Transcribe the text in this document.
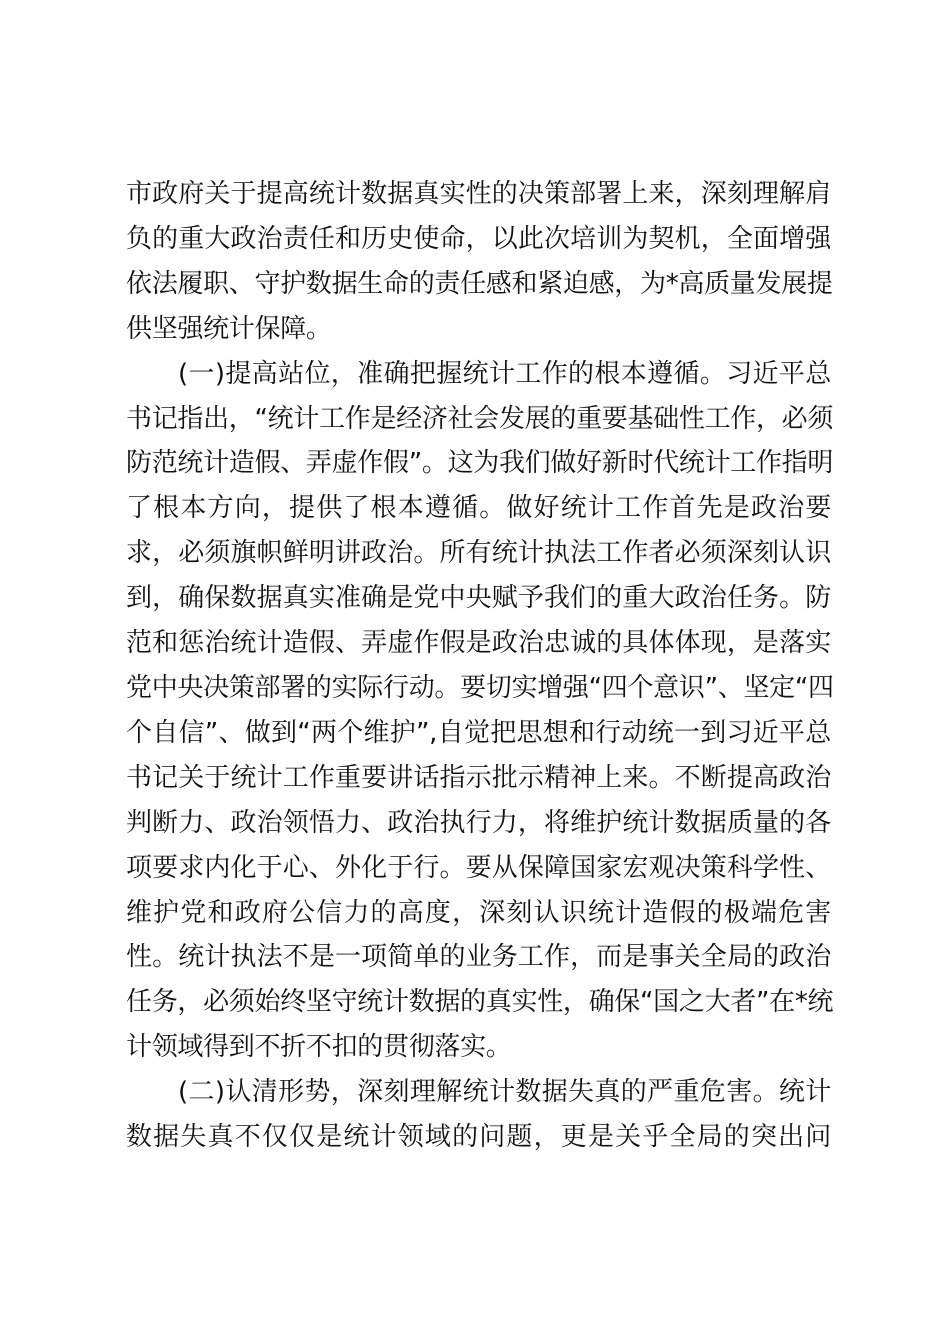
市政府关于提高统计数据真实性的决策部署上来，深刻理解肩
负的重大政治责任和历史使命，以此次培训为契机，全面增强
依法履职、守护数据生命的责任感和紧迫感，为*高质量发展提
供坚强统计保障。

(一)提高站位，准确把握统计工作的根本遵循。习近平总
书记指出，“统计工作是经济社会发展的重要基础性工作，必须
防范统计造假、弄虚作假”。这为我们做好新时代统计工作指明
了根本方向，提供了根本遵循。做好统计工作首先是政治要
求，必须旗帜鲜明讲政治。所有统计执法工作者必须深刻认识
到，确保数据真实准确是党中央赋予我们的重大政治任务。防
范和惩治统计造假、弄虚作假是政治忠诚的具体体现，是落实
党中央决策部署的实际行动。要切实增强“四个意识”、坚定“四
个自信”、做到“两个维护”,自觉把思想和行动统一到习近平总
书记关于统计工作重要讲话指示批示精神上来。不断提高政治
判断力、政治领悟力、政治执行力，将维护统计数据质量的各
项要求内化于心、外化于行。要从保障国家宏观决策科学性、
维护党和政府公信力的高度，深刻认识统计造假的极端危害
性。统计执法不是一项简单的业务工作，而是事关全局的政治
任务，必须始终坚守统计数据的真实性，确保“国之大者”在*统
计领域得到不折不扣的贯彻落实。

(二)认清形势，深刻理解统计数据失真的严重危害。统计
数据失真不仅仅是统计领域的问题，更是关乎全局的突出问
